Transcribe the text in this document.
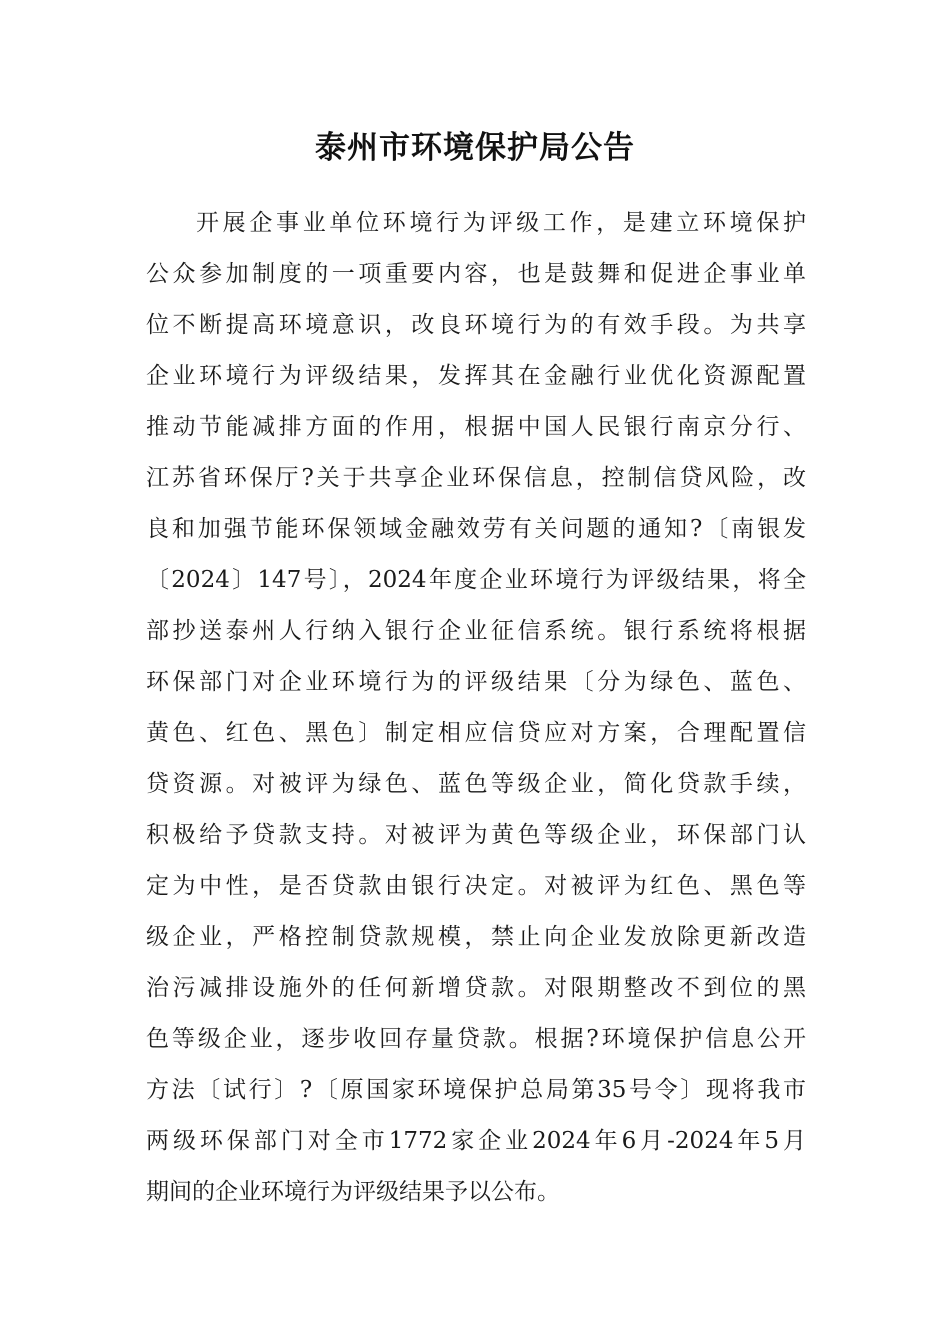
泰州市环境保护局公告
开展企事业单位环境行为评级工作，是建立环境保护
公众参加制度的一项重要内容，也是鼓舞和促进企事业单
位不断提高环境意识，改良环境行为的有效手段。为共享
企业环境行为评级结果，发挥其在金融行业优化资源配置
推动节能减排方面的作用，根据中国人民银行南京分行、
江苏省环保厅?关于共享企业环保信息，控制信贷风险，改
良和加强节能环保领域金融效劳有关问题的通知?〔南银发
〔2024〕147号〕，2024年度企业环境行为评级结果，将全
部抄送泰州人行纳入银行企业征信系统。银行系统将根据
环保部门对企业环境行为的评级结果〔分为绿色、蓝色、
黄色、红色、黑色〕制定相应信贷应对方案，合理配置信
贷资源。对被评为绿色、蓝色等级企业，简化贷款手续，
积极给予贷款支持。对被评为黄色等级企业，环保部门认
定为中性，是否贷款由银行决定。对被评为红色、黑色等
级企业，严格控制贷款规模，禁止向企业发放除更新改造
治污减排设施外的任何新增贷款。对限期整改不到位的黑
色等级企业，逐步收回存量贷款。根据?环境保护信息公开
方法〔试行〕?〔原国家环境保护总局第35号令〕现将我市
两级环保部门对全市1772家企业2024年6月-2024年5月
期间的企业环境行为评级结果予以公布。
